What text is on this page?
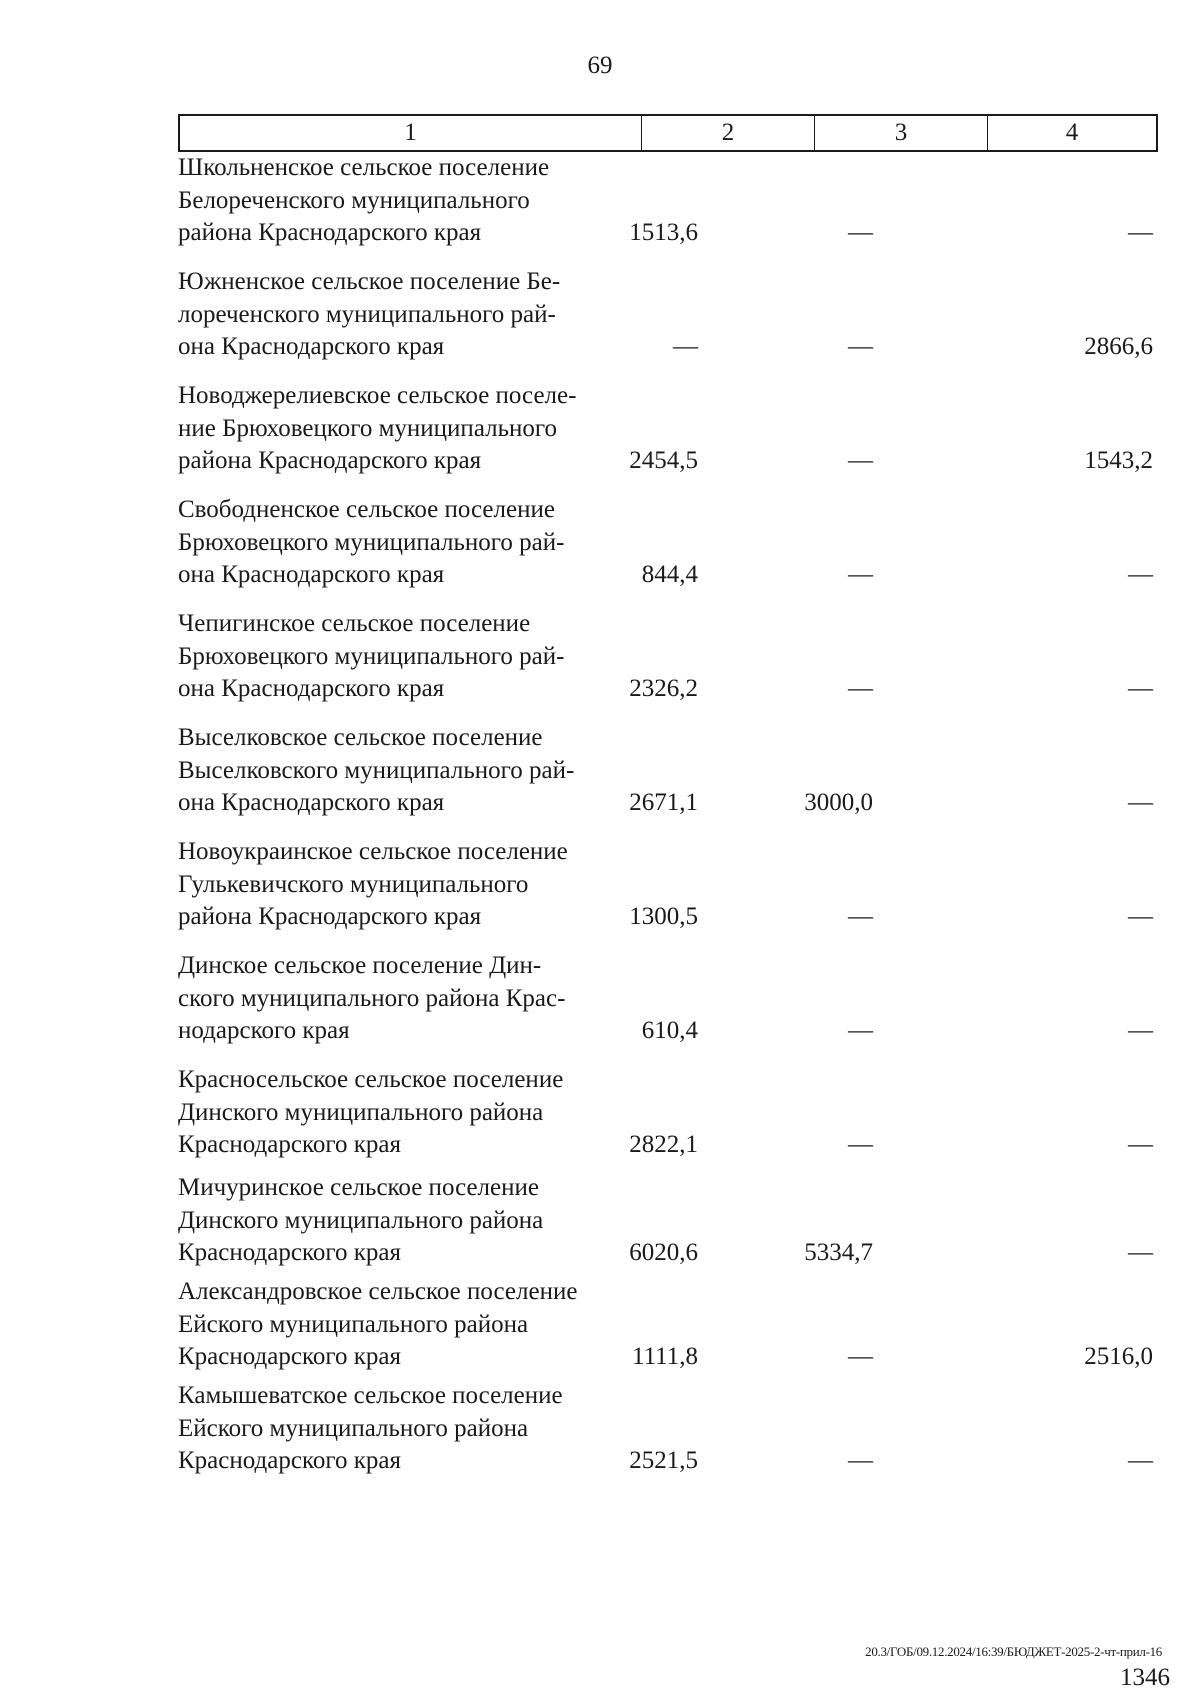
69
1	2	3	4
Школьненское сельское поселение
Белореченского муниципального
района Краснодарского края	1513,6	—	—
Южненское сельское поселение Бе-
лореченского муниципального рай-
она Краснодарского края	—	—	2866,6
Новоджерелиевское сельское поселе-
ние Брюховецкого муниципального
района Краснодарского края	2454,5	—	1543,2
Свободненское сельское поселение
Брюховецкого муниципального рай-
она Краснодарского края	844,4	—	—
Чепигинское сельское поселение
Брюховецкого муниципального рай-
она Краснодарского края	2326,2	—	—
Выселковское сельское поселение
Выселковского муниципального рай-
она Краснодарского края	2671,1	3000,0	—
Новоукраинское сельское поселение
Гулькевичского муниципального
района Краснодарского края	1300,5	—	—
Динское сельское поселение Дин-
ского муниципального района Крас-
нодарского края	610,4	—	—
Красносельское сельское поселение
Динского муниципального района
Краснодарского края	2822,1	—	—
Мичуринское сельское поселение
Динского муниципального района
Краснодарского края	6020,6	5334,7	—
Александровское сельское поселение
Ейского муниципального района
Краснодарского края	1111,8	—	2516,0
Камышеватское сельское поселение
Ейского муниципального района
Краснодарского края	2521,5	—	—
20.3/ГОБ/09.12.2024/16:39/БЮДЖЕТ-2025-2-чт-прил-16
1346
